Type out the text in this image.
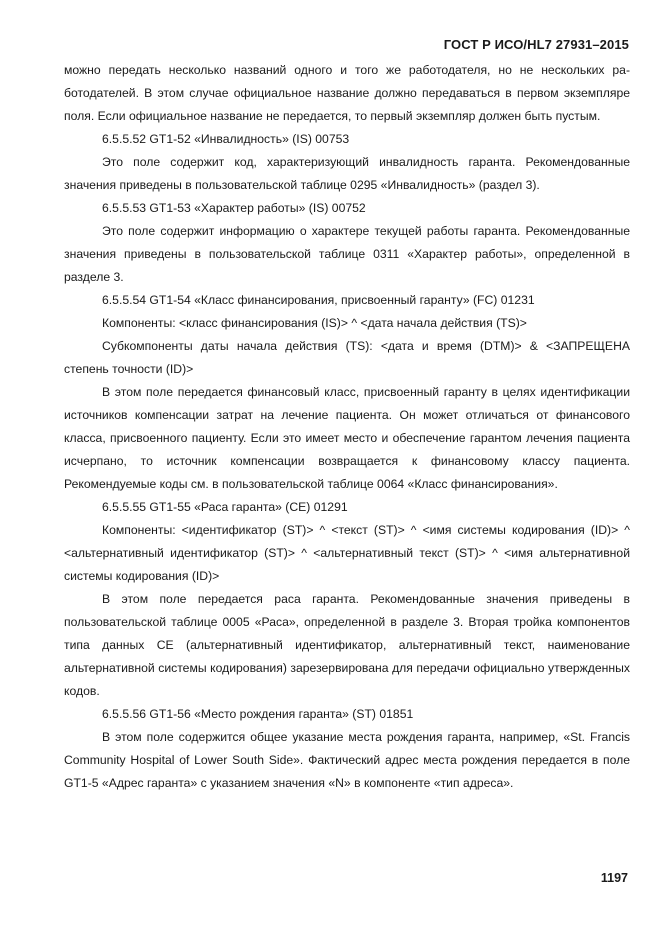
ГОСТ Р ИСО/HL7 27931–2015

можно передать несколько названий одного и того же работодателя, но не нескольких работодателей. В этом случае официальное название должно передаваться в первом экземпляре поля. Если официальное название не передается, то первый экземпляр должен быть пустым.

6.5.5.52 GT1-52 «Инвалидность» (IS) 00753

Это поле содержит код, характеризующий инвалидность гаранта. Рекомендованные значения приведены в пользовательской таблице 0295 «Инвалидность» (раздел 3).

6.5.5.53 GT1-53 «Характер работы» (IS) 00752

Это поле содержит информацию о характере текущей работы гаранта. Рекомендованные значения приведены в пользовательской таблице 0311 «Характер работы», определенной в разделе 3.

6.5.5.54 GT1-54 «Класс финансирования, присвоенный гаранту» (FC) 01231

Компоненты: <класс финансирования (IS)> ^ <дата начала действия (TS)>

Субкомпоненты даты начала действия (TS): <дата и время (DTM)> & <ЗАПРЕЩЕНА степень точности (ID)>

В этом поле передается финансовый класс, присвоенный гаранту в целях идентификации источников компенсации затрат на лечение пациента. Он может отличаться от финансового класса, присвоенного пациенту. Если это имеет место и обеспечение гарантом лечения пациента исчерпано, то источник компенсации возвращается к финансовому классу пациента. Рекомендуемые коды см. в пользовательской таблице 0064 «Класс финансирования».

6.5.5.55 GT1-55 «Раса гаранта» (CE) 01291

Компоненты: <идентификатор (ST)> ^ <текст (ST)> ^ <имя системы кодирования (ID)> ^ <альтернативный идентификатор (ST)> ^ <альтернативный текст (ST)> ^ <имя альтернативной системы кодирования (ID)>

В этом поле передается раса гаранта. Рекомендованные значения приведены в пользовательской таблице 0005 «Раса», определенной в разделе 3. Вторая тройка компонентов типа данных CE (альтернативный идентификатор, альтернативный текст, наименование альтернативной системы кодирования) зарезервирована для передачи официально утвержденных кодов.

6.5.5.56 GT1-56 «Место рождения гаранта» (ST) 01851

В этом поле содержится общее указание места рождения гаранта, например, «St. Francis Community Hospital of Lower South Side». Фактический адрес места рождения передается в поле GT1-5 «Адрес гаранта» с указанием значения «N» в компоненте «тип адреса».

1197
